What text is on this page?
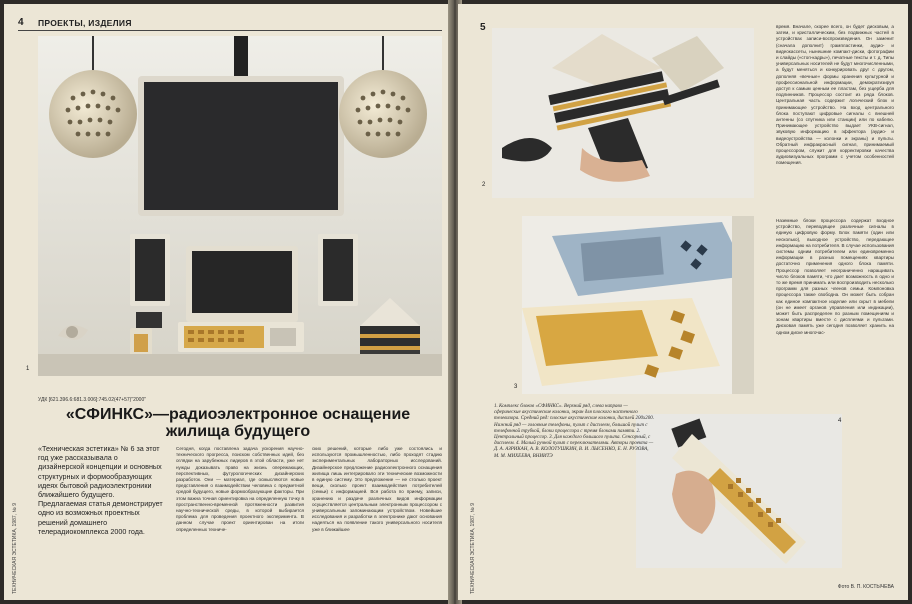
4 ПРОЕКТЫ, ИЗДЕЛИЯ
1
УДК [621.396.6:681.3.006]:745.02(47+57)"2000"
«СФИНКС»—радиоэлектронное оснащение жилища будущего
«Техническая эстетика» № 6 за этот год уже рассказывала о дизайнерской концепции и основных структурных и формообразующих идеях бытовой радиоэлектроники ближайшего будущего. Предлагаемая статья демонстрирует одно из возможных проектных решений домашнего телерадиокомплекса 2000 года.
Сегодня, когда поставлена задача ускорения научно-технического прогресса, поиском собственных идей, без оглядки на зарубежных лидеров в этой области, уже нет нужды доказывать право на жизнь опережающих, перспективных, футурологических дизайнерских разработок. Они — материал, где осмысляются новые представления о взаимодействии человека с предметной средой будущего, новые формообразующие факторы. При этом важна точная ориентировка на определенную точку в пространственно-временной протяженности развития научно-технической среды, в которой выбирается проблема для проведения проектного эксперимента. В данном случае проект ориентирован на итоги определенных техниче-
ских решений, которые либо уже состоялись и используются промышленностью, либо проходят стадию экспериментальных лабораторных исследований. Дизайнерское предложение радиоэлектронного оснащения жилища лишь интегрировало эти технические возможности в единую систему. Это предложение — не столько проект вещи, сколько проект взаимодействия потребителей (семьи) с информацией. Вся работа по приему, записи, хранению и раздаче различных видов информации осуществляется центральным электронным процессором с универсальным запоминающим устройством. Новейшие исследования и разработки в электронике дают основания надеяться на появление такого универсального носителя уже в ближайшее
ТЕХНИЧЕСКАЯ ЭСТЕТИКА, 1987, № 9
5
2
3
4
время. Вначале, скорее всего, он будет дисковым, а затем, и кристаллическим, без подвижных частей в устройствах записи-воспроизведения. Он заменит (сначала дополнит) грампластинки, аудио- и видеокассеты, нынешние компакт-диски, фотографии и слайды («стоп-кадры»), печатные тексты и т. д. Типы универсальных носителей не будут многочисленными, а будут меняться и конкурировать друг с другом, дополняя «вечные» формы хранения культурной и профессиональной информации, демократизируя доступ к самым ценным ее пластам, без ущерба для подлинников. Процессор состоит из ряда блоков. Центральная часть содержит логический блок и принимающее устройство. На вход центрального блока поступают цифровые сигналы с внешней антенны (со спутника или станции) или по кабелю. Принимающее устройство выдает УКВ-сигнал, звуковую информацию в эффектора (аудио- и видеоустройства — колонки и экраны) и пульты. Обратный инфракрасный сигнал, принимаемый процессором, служит для корректировки качества аудиовизуальных программ с учетом особенностей помещения.
Наземные блоки процессора содержат входное устройство, переводящее различные сигналы в единую цифровую форму. Блок памяти (один или несколько), выходное устройство, передающее информацию на потребителя. В случае использования системы одним потребителем или единовременно информации в разных помещениях квартиры достаточно применения одного блока памяти. Процессор позволяет неограниченно наращивать число блоков памяти, что дает возможность в одно и то же время принимать или воспроизводить несколько программ для разных членов семьи. Компоновка процессора также свободна. Он может быть собран как единое компактное изделие или скрыт в мебели (он не имеет органов управления или индикации), может быть распределен по разным помещениям и зонам квартиры вместе с дисплеями и пультами. Дисковая память уже сегодня позволяет хранить на одном диске многочас-
1. Комплекс блоков «СФИНКС». Верхний ряд, слева направо — сферические акустические колонки, экран для плоского настенного телевизора. Средний ряд: плоские акустические колонки, дисплей 200х200. Нижний ряд — головные телефоны, пульт с дисплеем, большой пульт с телефонной трубкой, блоки процессора с тремя блоками памяти. 2. Центральный процессор. 3. Для каждого большого пульта. Сенсорный, с дисплеем. 4. Малый ручной пульт с переключателями. Авторы проекта — Д. А. АЗРИКАН, А. В. КОЛОТУШКИН, В. И. ЛЫСЕНКО, Е. Н. РУЗОВА, М. М. МИХЕЕВА, ВНИИТЭ
Фото В. П. КОСТЫЧЕВА
ТЕХНИЧЕСКАЯ ЭСТЕТИКА, 1987, № 9
